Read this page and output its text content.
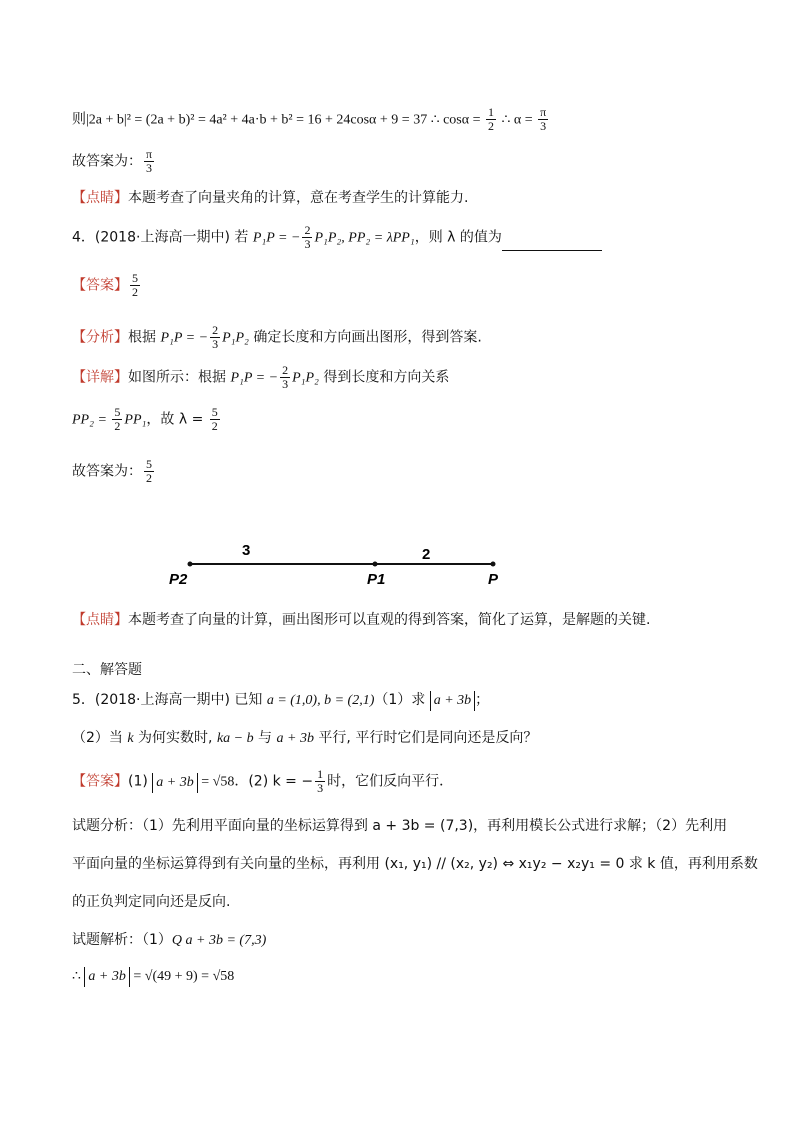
则|2a + b|² = (2a + b)² = 4a² + 4a·b + b² = 16 + 24cosα + 9 = 37 ∴ $\cos\alpha = \frac{1}{2}$ ∴ $\alpha = \frac{\pi}{3}$
故答案为： $\frac{\pi}{3}$
【点睛】本题考查了向量夹角的计算，意在考查学生的计算能力.
4．(2018·上海高一期中) 若 P₁P = − $\frac{2}{3} P_1P_2$, PP₂ = λPP₁，则 λ 的值为
【答案】 $\frac{5}{2}$
【分析】根据 P₁P = − $\frac{2}{3} P_1P_2$ 确定长度和方向画出图形，得到答案.
【详解】如图所示：根据 P₁P = − $\frac{2}{3} P_1P_2$ 得到长度和方向关系
$PP_2 = \frac{5}{2} PP_1$，故 $\lambda = \frac{5}{2}$
故答案为： $\frac{5}{2}$
3	2
P2	P1	P
【点睛】本题考查了向量的计算，画出图形可以直观的得到答案，简化了运算，是解题的关键.
二、解答题
5．(2018·上海高一期中) 已知 a = (1,0), b = (2,1)（1）求 a + 3b ；
（2）当 k 为何实数时, ka − b 与 a + 3b 平行, 平行时它们是同向还是反向？
【答案】(1) a + 3b = √58．(2) k = − $\frac{1}{3}$ 时，它们反向平行．
试题分析：（1）先利用平面向量的坐标运算得到 a + 3b = (7,3)，再利用模长公式进行求解；（2）先利用
平面向量的坐标运算得到有关向量的坐标，再利用 (x₁, y₁) // (x₂, y₂) ⇔ x₁y₂ − x₂y₁ = 0 求 k 值，再利用系数
的正负判定同向还是反向.
试题解析：（1）Q a + 3b = (7,3)
∴ a + 3b = √(49 + 9) = √58
